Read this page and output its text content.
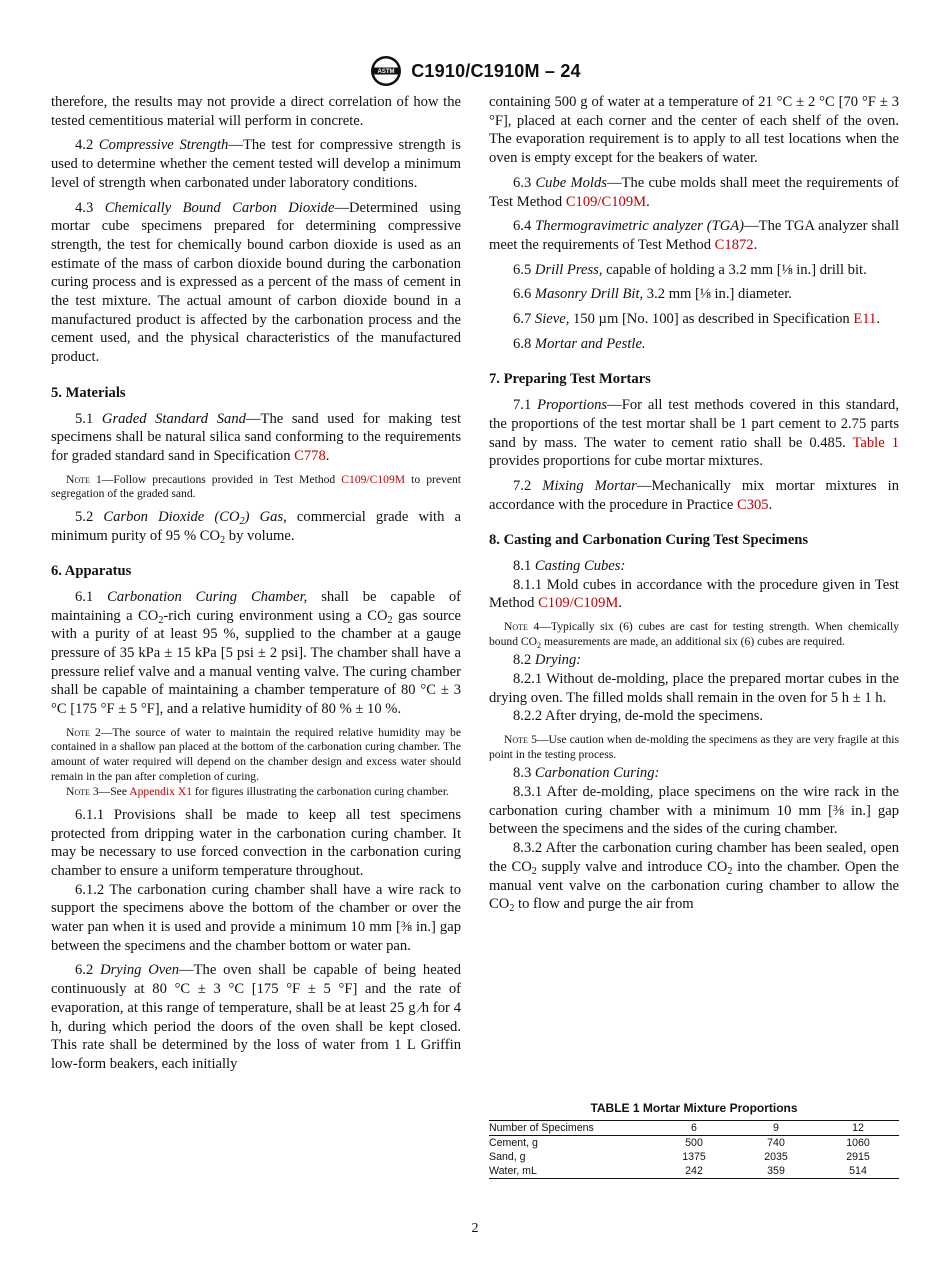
ASTM C1910/C1910M – 24

therefore, the results may not provide a direct correlation of how the tested cementitious material will perform in concrete.

4.2 Compressive Strength—The test for compressive strength is used to determine whether the cement tested will develop a minimum level of strength when carbonated under laboratory conditions.

4.3 Chemically Bound Carbon Dioxide—Determined using mortar cube specimens prepared for determining compressive strength, the test for chemically bound carbon dioxide is used as an estimate of the mass of carbon dioxide bound during the carbonation curing process and is expressed as a percent of the mass of cement in the test mixture. The actual amount of carbon dioxide bound in a manufactured product is affected by the carbonation process and the cement used, and the physical characteristics of the manufactured product.

5. Materials

5.1 Graded Standard Sand—The sand used for making test specimens shall be natural silica sand conforming to the requirements for graded standard sand in Specification C778.

Note 1—Follow precautions provided in Test Method C109/C109M to prevent segregation of the graded sand.

5.2 Carbon Dioxide $(CO_2)$ Gas, commercial grade with a minimum purity of 95 % $CO_2$ by volume.

6. Apparatus

6.1 Carbonation Curing Chamber, shall be capable of maintaining a $CO_2$-rich curing environment using a $CO_2$ gas source with a purity of at least 95 %, supplied to the chamber at a gauge pressure of 35 kPa ± 15 kPa [5 psi ± 2 psi]. The chamber shall have a pressure relief valve and a manual venting valve. The curing chamber shall be capable of maintaining a chamber temperature of 80 °C ± 3 °C [175 °F ± 5 °F], and a relative humidity of 80 % ± 10 %.

Note 2—The source of water to maintain the required relative humidity may be contained in a shallow pan placed at the bottom of the carbonation curing chamber. The amount of water required will depend on the chamber design and excess water should remain in the pan after completion of curing.

Note 3—See Appendix X1 for figures illustrating the carbonation curing chamber.

6.1.1 Provisions shall be made to keep all test specimens protected from dripping water in the carbonation curing chamber. It may be necessary to use forced convection in the carbonation curing chamber to ensure a uniform temperature throughout.

6.1.2 The carbonation curing chamber shall have a wire rack to support the specimens above the bottom of the chamber or over the water pan when it is used and provide a minimum 10 mm [⅜ in.] gap between the specimens and the chamber bottom or water pan.

6.2 Drying Oven—The oven shall be capable of being heated continuously at 80 °C ± 3 °C [175 °F ± 5 °F] and the rate of evaporation, at this range of temperature, shall be at least 25 g ⁄h for 4 h, during which period the doors of the oven shall be kept closed. This rate shall be determined by the loss of water from 1 L Griffin low-form beakers, each initially

containing 500 g of water at a temperature of 21 °C ± 2 °C [70 °F ± 3 °F], placed at each corner and the center of each shelf of the oven. The evaporation requirement is to apply to all test locations when the oven is empty except for the beakers of water.

6.3 Cube Molds—The cube molds shall meet the requirements of Test Method C109/C109M.

6.4 Thermogravimetric analyzer (TGA)—The TGA analyzer shall meet the requirements of Test Method C1872.

6.5 Drill Press, capable of holding a 3.2 mm [⅛ in.] drill bit.

6.6 Masonry Drill Bit, 3.2 mm [⅛ in.] diameter.

6.7 Sieve, 150 µm [No. 100] as described in Specification E11.

6.8 Mortar and Pestle.

7. Preparing Test Mortars

7.1 Proportions—For all test methods covered in this standard, the proportions of the test mortar shall be 1 part cement to 2.75 parts sand by mass. The water to cement ratio shall be 0.485. Table 1 provides proportions for cube mortar mixtures.

7.2 Mixing Mortar—Mechanically mix mortar mixtures in accordance with the procedure in Practice C305.

8. Casting and Carbonation Curing Test Specimens

8.1 Casting Cubes:

8.1.1 Mold cubes in accordance with the procedure given in Test Method C109/C109M.

Note 4—Typically six (6) cubes are cast for testing strength. When chemically bound $CO_2$ measurements are made, an additional six (6) cubes are required.

8.2 Drying:

8.2.1 Without de-molding, place the prepared mortar cubes in the drying oven. The filled molds shall remain in the oven for 5 h ± 1 h.

8.2.2 After drying, de-mold the specimens.

Note 5—Use caution when de-molding the specimens as they are very fragile at this point in the testing process.

8.3 Carbonation Curing:

8.3.1 After de-molding, place specimens on the wire rack in the carbonation curing chamber with a minimum 10 mm [⅜ in.] gap between the specimens and the sides of the curing chamber.

8.3.2 After the carbonation curing chamber has been sealed, open the $CO_2$ supply valve and introduce $CO_2$ into the chamber. Open the manual vent valve on the carbonation curing chamber to allow the $CO_2$ to flow and purge the air from

TABLE 1 Mortar Mixture Proportions
Number of Specimens	6	9	12
Cement, g	500	740	1060
Sand, g	1375	2035	2915
Water, mL	242	359	514
2
